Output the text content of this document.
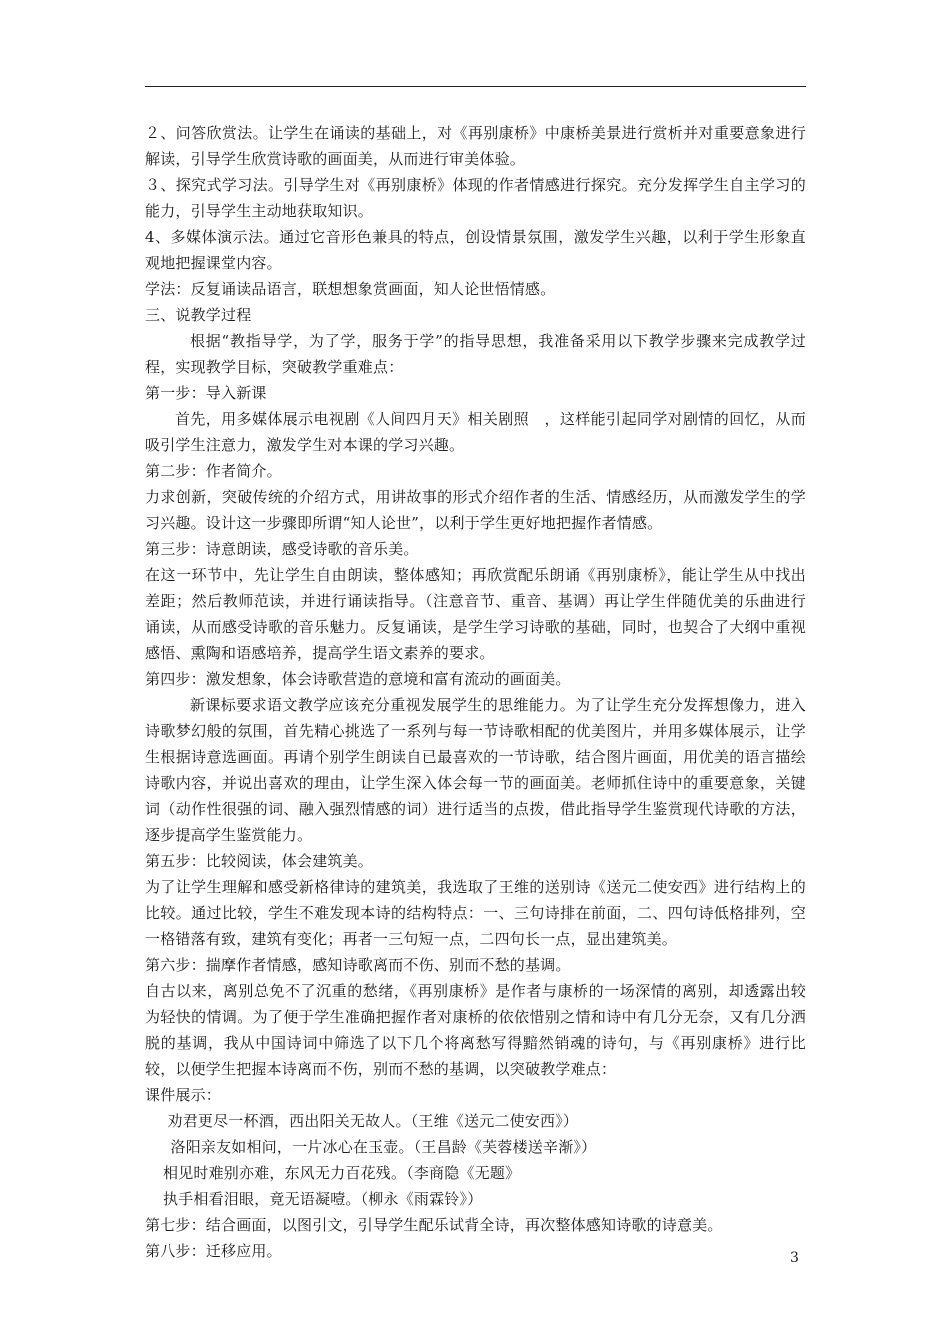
２、问答欣赏法。让学生在诵读的基础上，对《再别康桥》中康桥美景进行赏析并对重要意象进行解读，引导学生欣赏诗歌的画面美，从而进行审美体验。

３、探究式学习法。引导学生对《再别康桥》体现的作者情感进行探究。充分发挥学生自主学习的能力，引导学生主动地获取知识。

4、多媒体演示法。通过它音形色兼具的特点，创设情景氛围，激发学生兴趣，以利于学生形象直观地把握课堂内容。

学法：反复诵读品语言，联想想象赏画面，知人论世悟情感。

三、说教学过程

根据“教指导学，为了学，服务于学”的指导思想，我准备采用以下教学步骤来完成教学过程，实现教学目标，突破教学重难点：

第一步：导入新课

首先，用多媒体展示电视剧《人间四月天》相关剧照　，这样能引起同学对剧情的回忆，从而吸引学生注意力，激发学生对本课的学习兴趣。

第二步：作者简介。

力求创新，突破传统的介绍方式，用讲故事的形式介绍作者的生活、情感经历，从而激发学生的学习兴趣。设计这一步骤即所谓“知人论世”，以利于学生更好地把握作者情感。

第三步：诗意朗读，感受诗歌的音乐美。

在这一环节中，先让学生自由朗读，整体感知；再欣赏配乐朗诵《再别康桥》，能让学生从中找出差距；然后教师范读，并进行诵读指导。（注意音节、重音、基调）再让学生伴随优美的乐曲进行诵读，从而感受诗歌的音乐魅力。反复诵读，是学生学习诗歌的基础，同时，也契合了大纲中重视感悟、熏陶和语感培养，提高学生语文素养的要求。

第四步：激发想象，体会诗歌营造的意境和富有流动的画面美。

新课标要求语文教学应该充分重视发展学生的思维能力。为了让学生充分发挥想像力，进入诗歌梦幻般的氛围，首先精心挑选了一系列与每一节诗歌相配的优美图片，并用多媒体展示，让学生根据诗意选画面。再请个别学生朗读自已最喜欢的一节诗歌，结合图片画面，用优美的语言描绘诗歌内容，并说出喜欢的理由，让学生深入体会每一节的画面美。老师抓住诗中的重要意象，关键词（动作性很强的词、融入强烈情感的词）进行适当的点拨，借此指导学生鉴赏现代诗歌的方法，逐步提高学生鉴赏能力。

第五步：比较阅读，体会建筑美。

为了让学生理解和感受新格律诗的建筑美，我选取了王维的送别诗《送元二使安西》进行结构上的比较。通过比较，学生不难发现本诗的结构特点：一、三句诗排在前面，二、四句诗低格排列，空一格错落有致，建筑有变化；再者一三句短一点，二四句长一点，显出建筑美。

第六步：揣摩作者情感，感知诗歌离而不伤、别而不愁的基调。

自古以来，离别总免不了沉重的愁绪，《再别康桥》是作者与康桥的一场深情的离别，却透露出较为轻快的情调。为了便于学生准确把握作者对康桥的依依惜别之情和诗中有几分无奈，又有几分洒脱的基调，我从中国诗词中筛选了以下几个将离愁写得黯然销魂的诗句，与《再别康桥》进行比较，以便学生把握本诗离而不伤，别而不愁的基调，以突破教学难点：

课件展示：

劝君更尽一杯酒，西出阳关无故人。（王维《送元二使安西》）

洛阳亲友如相问，一片冰心在玉壶。（王昌龄《芙蓉楼送辛渐》）

相见时难别亦难，东风无力百花残。（李商隐《无题》

执手相看泪眼，竟无语凝噎。（柳永《雨霖铃》）

第七步：结合画面，以图引文，引导学生配乐试背全诗，再次整体感知诗歌的诗意美。

第八步：迁移应用。	3
